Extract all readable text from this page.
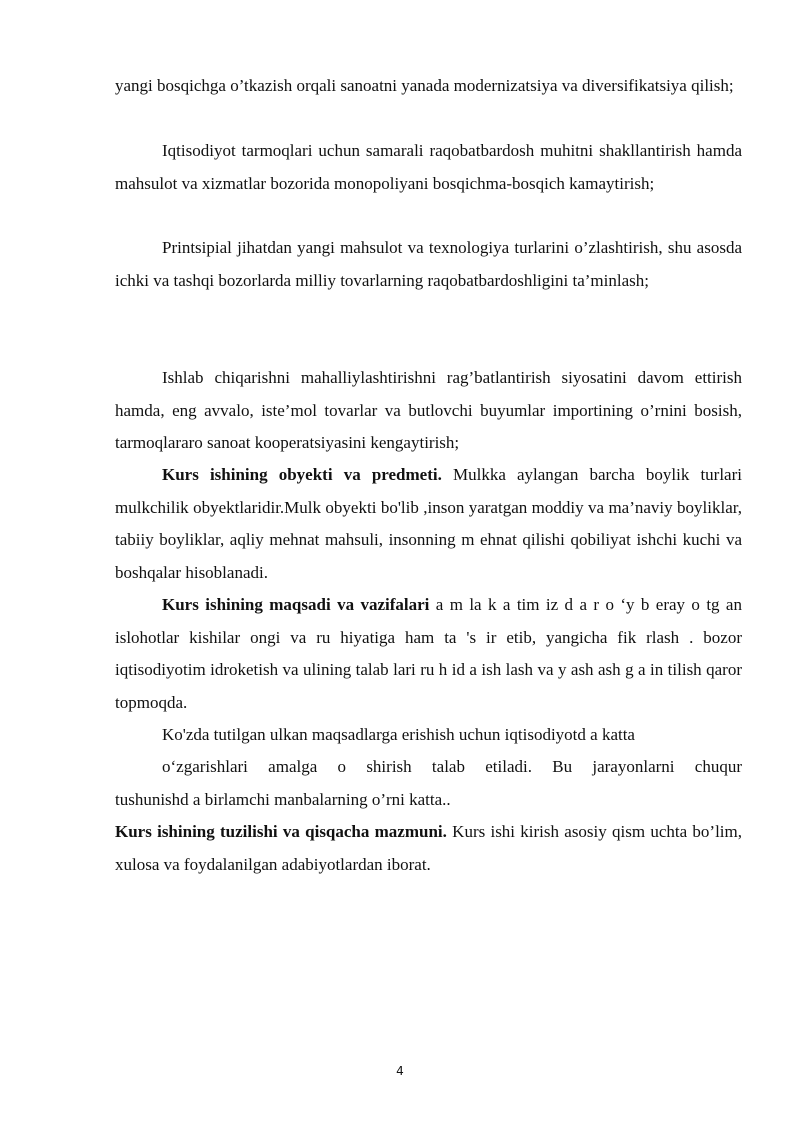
yangi bosqichga o’tkazish orqali sanoatni yanada modernizatsiya va diversifikatsiya qilish;

Iqtisodiyot tarmoqlari uchun samarali raqobatbardosh muhitni shakllantirish hamda mahsulot va xizmatlar bozorida monopoliyani bosqichma-bosqich kamaytirish;

Printsipial jihatdan yangi mahsulot va texnologiya turlarini o’zlashtirish, shu asosda ichki va tashqi bozorlarda milliy tovarlarning raqobatbardoshligini ta’minlash;

Ishlab chiqarishni mahalliylashtirishni rag’batlantirish siyosatini davom ettirish hamda, eng avvalo, iste’mol tovarlar va butlovchi buyumlar importining o’rnini bosish, tarmoqlararo sanoat kooperatsiyasini kengaytirish;

Kurs ishining obyekti va predmeti. Mulkka aylangan barcha boylik turlari mulkchilik obyektlaridir.Mulk obyekti bo'lib ,inson yaratgan moddiy va ma’naviy boyliklar, tabiiy boyliklar, aqliy mehnat mahsuli, insonning m ehnat qilishi qobiliyat ishchi kuchi va boshqalar hisoblanadi.

Kurs ishining maqsadi va vazifalari a m la k a tim iz d a r o ‘y b eray o tg an islohotlar kishilar ongi va ru hiyatiga ham ta 's ir etib, yangicha fik rlash . bozor iqtisodiyotim idroketish va ulining talab lari ru h id a ish lash va y ash ash g a in tilish qaror topmoqda.

Ko'zda tutilgan ulkan maqsadlarga erishish uchun iqtisodiyotd a katta

o‘zgarishlari amalga o shirish talab etiladi. Bu jarayonlarni chuqur

tushunishd a birlamchi manbalarning o’rni katta..

Kurs ishining tuzilishi va qisqacha mazmuni. Kurs ishi kirish asosiy qism uchta bo’lim, xulosa va foydalanilgan adabiyotlardan iborat.

4
